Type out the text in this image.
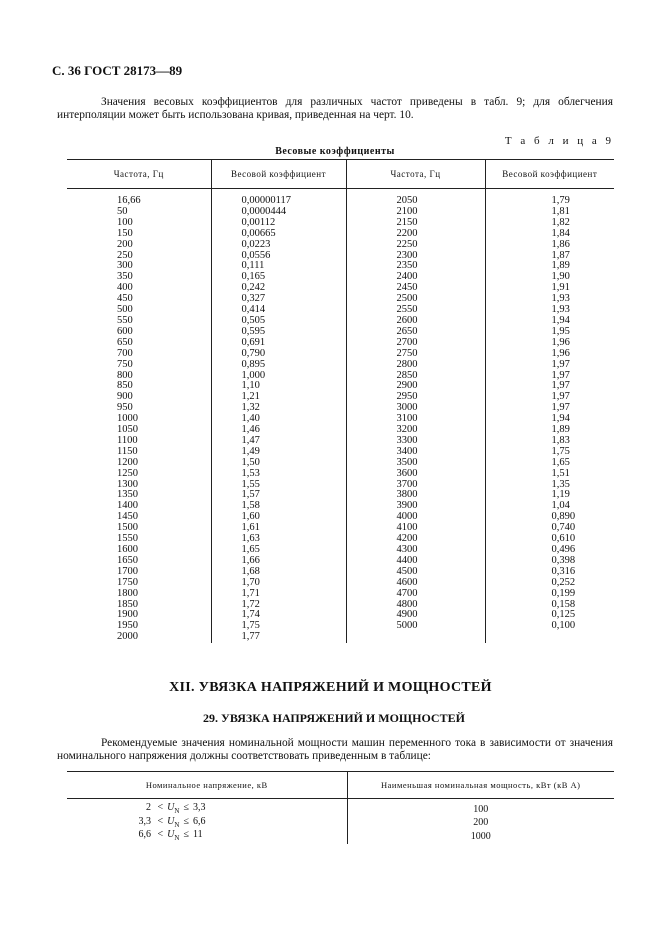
С. 36 ГОСТ 28173—89
Значения весовых коэффициентов для различных частот приведены в табл. 9; для облегчения интерполяции может быть использована кривая, приведенная на черт. 10.
Т а б л и ц а 9
Весовые коэффициенты
Частота, Гц	Весовой коэффициент	Частота, Гц	Весовой коэффициент
16,66	0,00000117	2050	1,79
50	0,0000444	2100	1,81
100	0,00112	2150	1,82
150	0,00665	2200	1,84
200	0,0223	2250	1,86
250	0,0556	2300	1,87
300	0,111	2350	1,89
350	0,165	2400	1,90
400	0,242	2450	1,91
450	0,327	2500	1,93
500	0,414	2550	1,93
550	0,505	2600	1,94
600	0,595	2650	1,95
650	0,691	2700	1,96
700	0,790	2750	1,96
750	0,895	2800	1,97
800	1,000	2850	1,97
850	1,10	2900	1,97
900	1,21	2950	1,97
950	1,32	3000	1,97
1000	1,40	3100	1,94
1050	1,46	3200	1,89
1100	1,47	3300	1,83
1150	1,49	3400	1,75
1200	1,50	3500	1,65
1250	1,53	3600	1,51
1300	1,55	3700	1,35
1350	1,57	3800	1,19
1400	1,58	3900	1,04
1450	1,60	4000	0,890
1500	1,61	4100	0,740
1550	1,63	4200	0,610
1600	1,65	4300	0,496
1650	1,66	4400	0,398
1700	1,68	4500	0,316
1750	1,70	4600	0,252
1800	1,71	4700	0,199
1850	1,72	4800	0,158
1900	1,74	4900	0,125
1950	1,75	5000	0,100
2000	1,77		
XII. УВЯЗКА НАПРЯЖЕНИЙ И МОЩНОСТЕЙ
29. УВЯЗКА НАПРЯЖЕНИЙ И МОЩНОСТЕЙ
Рекомендуемые значения номинальной мощности машин переменного тока в зависимости от значения номинального напряжения должны соответствовать приведенным в таблице:
Номинальное напряжение, кВ	Наименьшая номинальная мощность, кВт (кВ А)
$2 < U_N \le 3,3$	100
$3,3 < U_N \le 6,6$	200
$6,6 < U_N \le 11$	1000
